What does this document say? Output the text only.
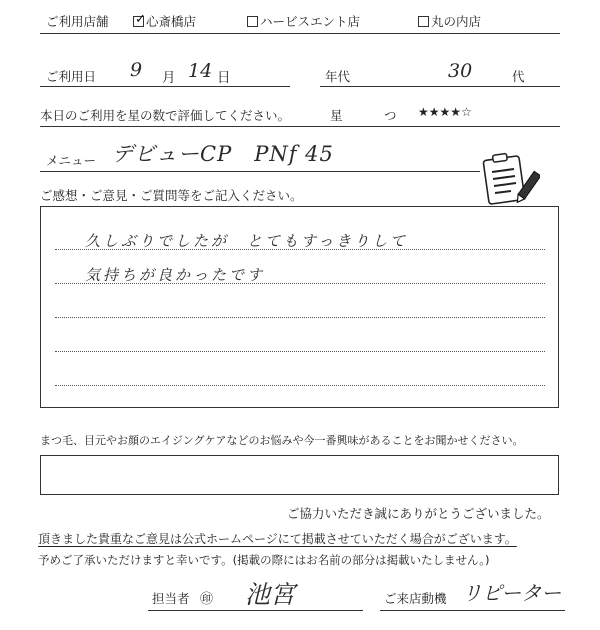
ご利用店舗 ✓ 心斎橋店	ハービスエント店	丸の内店
ご利用日 9 月 14 日	年代	30	代
本日のご利用を星の数で評価してください。	星	つ ★★★★☆
メニュー デビューCP　PNf 45
ご感想・ご意見・ご質問等をご記入ください。
久しぶりでしたが　とてもすっきりして
気持ちが良かったです
まつ毛、目元やお顔のエイジングケアなどのお悩みや今一番興味があることをお聞かせください。
ご協力いただき誠にありがとうございました。
頂きました貴重なご意見は公式ホームページにて掲載させていただく場合がございます。
予めご了承いただけますと幸いです。(掲載の際にはお名前の部分は掲載いたしません。)
担当者 ㊞ 池宮	ご来店動機 リピーター
